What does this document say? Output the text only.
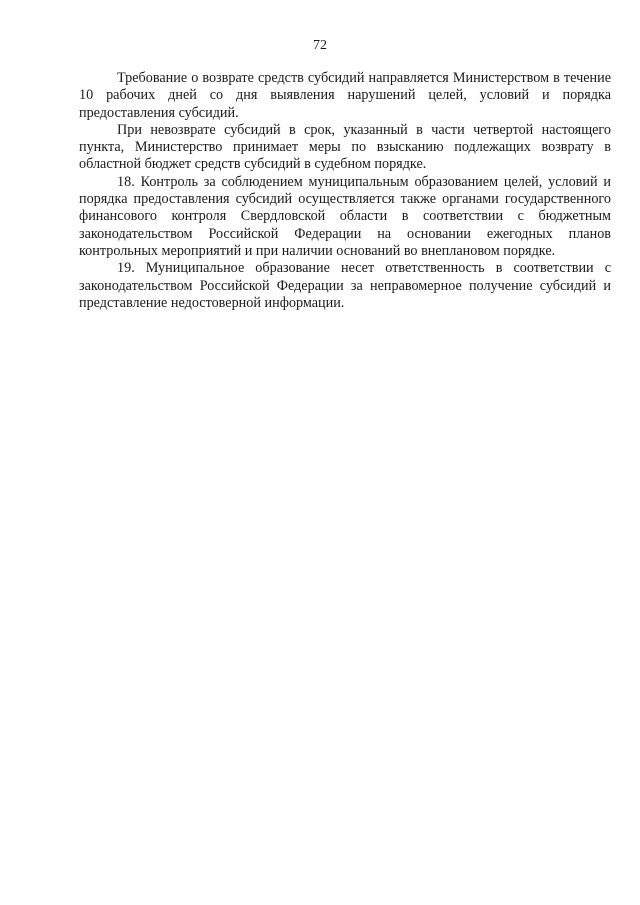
72

Требование о возврате средств субсидий направляется Министерством в течение 10 рабочих дней со дня выявления нарушений целей, условий и порядка предоставления субсидий.

При невозврате субсидий в срок, указанный в части четвертой настоящего пункта, Министерство принимает меры по взысканию подлежащих возврату в областной бюджет средств субсидий в судебном порядке.

18. Контроль за соблюдением муниципальным образованием целей, условий и порядка предоставления субсидий осуществляется также органами государственного финансового контроля Свердловской области в соответствии с бюджетным законодательством Российской Федерации на основании ежегодных планов контрольных мероприятий и при наличии оснований во внеплановом порядке.

19. Муниципальное образование несет ответственность в соответствии с законодательством Российской Федерации за неправомерное получение субсидий и представление недостоверной информации.
